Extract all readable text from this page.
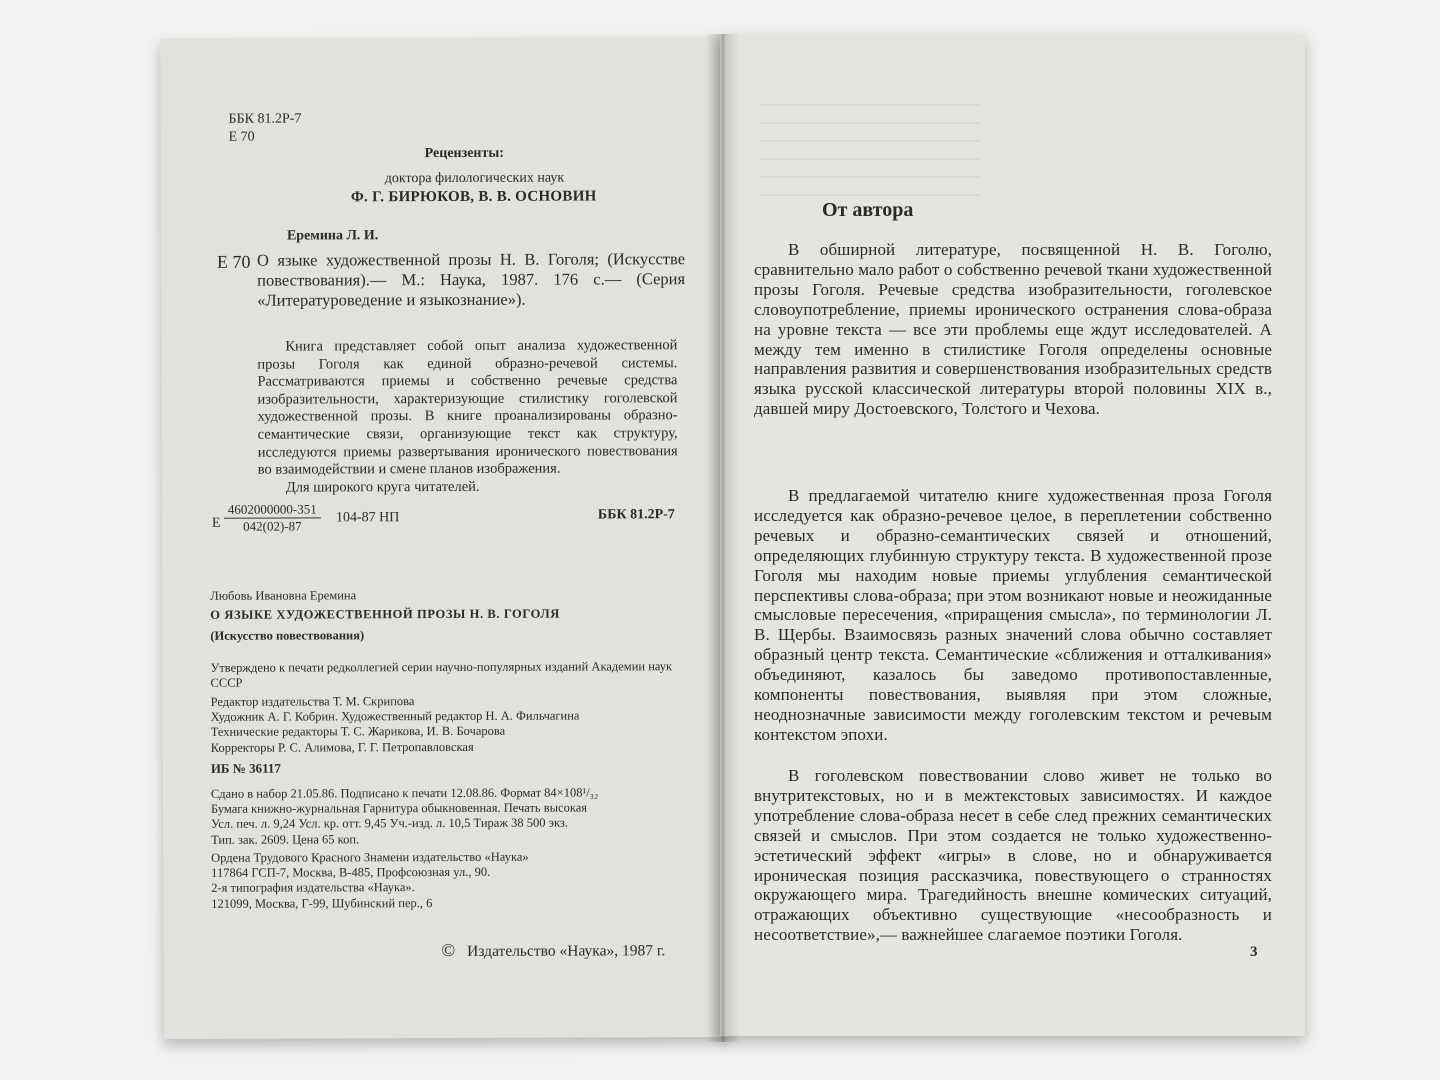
ББК 81.2Р-7
Е 70
Рецензенты:
доктора филологических наук
Ф. Г. БИРЮКОВ, В. В. ОСНОВИН
Еремина Л. И.
Е 70 О языке художественной прозы Н. В. Гоголя; (Искусстве повествования).— М.: Наука, 1987. 176 с.— (Серия «Литературоведение и языкознание»).
Книга представляет собой опыт анализа художественной прозы Гоголя как единой образно-речевой системы. Рассматриваются приемы и собственно речевые средства изобразительности, характеризующие стилистику гоголевской художественной прозы. В книге проанализированы образно-семантические связи, организующие текст как структуру, исследуются приемы развертывания иронического повествования во взаимодействии и смене планов изображения.
Для широкого круга читателей.
Е $\frac{4602000000-351}{042(02)-87} 104-87$ НП	ББК 81.2Р-7
Любовь Ивановна Еремина
О ЯЗЫКЕ ХУДОЖЕСТВЕННОЙ ПРОЗЫ Н. В. ГОГОЛЯ
(Искусство повествования)
Утверждено к печати редколлегией серии научно-популярных изданий Академии наук СССР
Редактор издательства Т. М. Скрипова
Художник А. Г. Кобрин. Художественный редактор Н. А. Фильчагина
Технические редакторы Т. С. Жарикова, И. В. Бочарова
Корректоры Р. С. Алимова, Г. Г. Петропавловская
ИБ № 36117
Сдано в набор 21.05.86. Подписано к печати 12.08.86. Формат 84×108¹/₃₂
Бумага книжно-журнальная Гарнитура обыкновенная. Печать высокая
Усл. печ. л. 9,24 Усл. кр. отт. 9,45 Уч.-изд. л. 10,5 Тираж 38 500 экз.
Тип. зак. 2609. Цена 65 коп.
Ордена Трудового Красного Знамени издательство «Наука»
117864 ГСП-7, Москва, В-485, Профсоюзная ул., 90.
2-я типография издательства «Наука».
121099, Москва, Г-99, Шубинский пер., 6
© Издательство «Наука», 1987 г.
От автора
В обширной литературе, посвященной Н. В. Гоголю, сравнительно мало работ о собственно речевой ткани художественной прозы Гоголя. Речевые средства изобразительности, гоголевское словоупотребление, приемы иронического остранения слова-образа на уровне текста — все эти проблемы еще ждут исследователей. А между тем именно в стилистике Гоголя определены основные направления развития и совершенствования изобразительных средств языка русской классической литературы второй половины XIX в., давшей миру Достоевского, Толстого и Чехова.
В предлагаемой читателю книге художественная проза Гоголя исследуется как образно-речевое целое, в переплетении собственно речевых и образно-семантических связей и отношений, определяющих глубинную структуру текста. В художественной прозе Гоголя мы находим новые приемы углубления семантической перспективы слова-образа; при этом возникают новые и неожиданные смысловые пересечения, «приращения смысла», по терминологии Л. В. Щербы. Взаимосвязь разных значений слова обычно составляет образный центр текста. Семантические «сближения и отталкивания» объединяют, казалось бы заведомо противопоставленные, компоненты повествования, выявляя при этом сложные, неоднозначные зависимости между гоголевским текстом и речевым контекстом эпохи.
В гоголевском повествовании слово живет не только во внутритекстовых, но и в межтекстовых зависимостях. И каждое употребление слова-образа несет в себе след прежних семантических связей и смыслов. При этом создается не только художественно-эстетический эффект «игры» в слове, но и обнаруживается ироническая позиция рассказчика, повествующего о странностях окружающего мира. Трагедийность внешне комических ситуаций, отражающих объективно существующие «несообразность и несоответствие»,— важнейшее слагаемое поэтики Гоголя.
3
